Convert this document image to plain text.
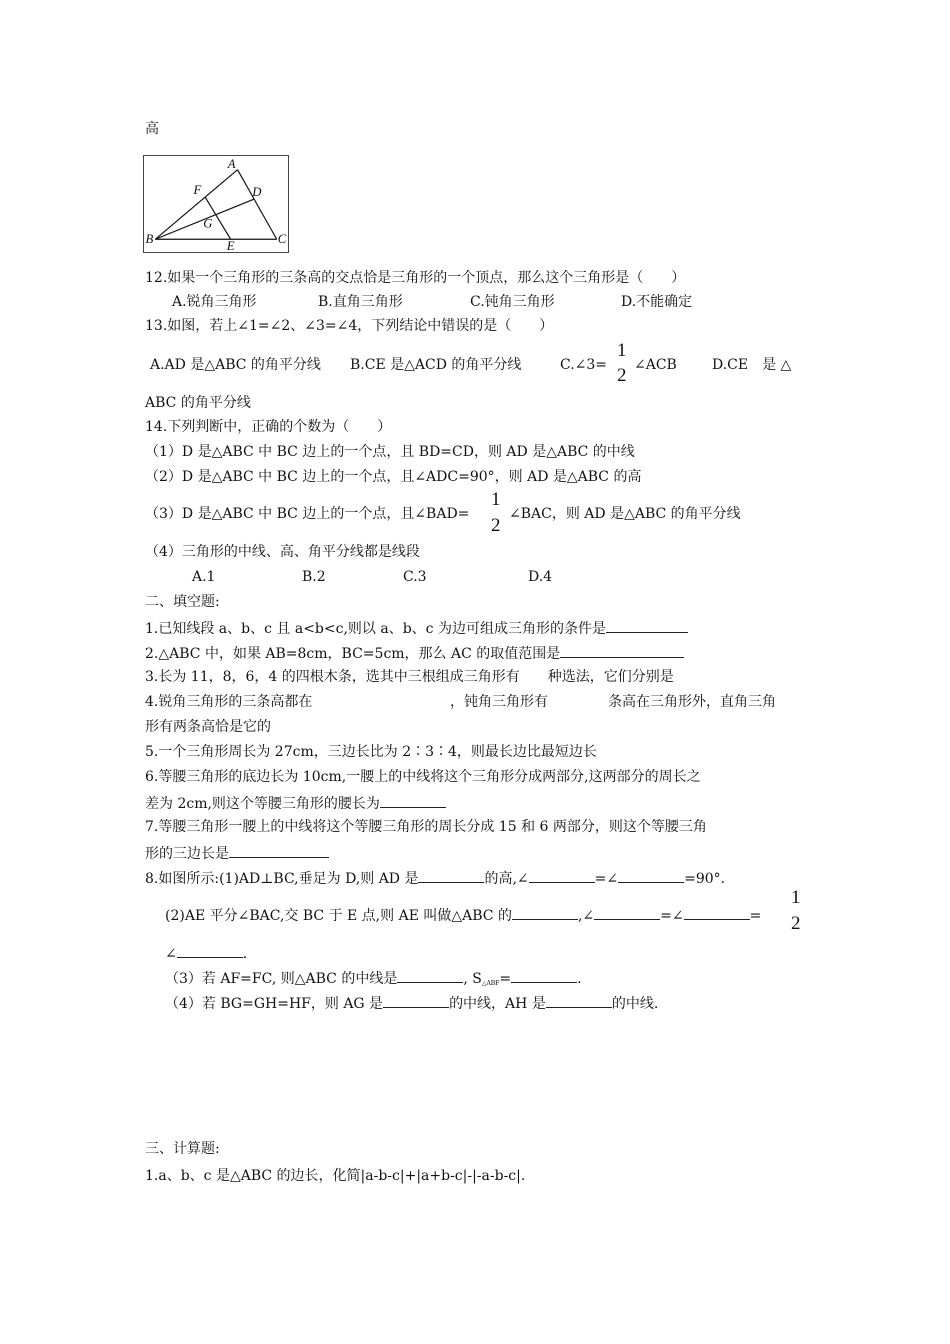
高
A
B	C
D
E
F
G
12.如果一个三角形的三条高的交点恰是三角形的一个顶点，那么这个三角形是（　　）
A.锐角三角形	B.直角三角形	C.钝角三角形	D.不能确定
13.如图，若上∠1=∠2、∠3=∠4，下列结论中错误的是（　　）
A.AD 是△ABC 的角平分线 B.CE 是△ACD 的角平分线	C.∠3=
1
2 ∠ACB	D.CE　是 △
ABC 的角平分线
14.下列判断中，正确的个数为（　　）
（1）D 是△ABC 中 BC 边上的一个点，且 BD=CD，则 AD 是△ABC 的中线
（2）D 是△ABC 中 BC 边上的一个点，且∠ADC=90°，则 AD 是△ABC 的高
（3）D 是△ABC 中 BC 边上的一个点，且∠BAD=
1
2
∠BAC，则 AD 是△ABC 的角平分线
（4）三角形的中线、高、角平分线都是线段
A.1	B.2	C.3	D.4
二、填空题:
1.已知线段 a、b、c 且 a<b<c,则以 a、b、c 为边可组成三角形的条件是
2.△ABC 中，如果 AB=8cm，BC=5cm，那么 AC 的取值范围是
3.长为 11，8，6，4 的四根木条，选其中三根组成三角形有　　种选法，它们分别是
4.锐角三角形的三条高都在	，钝角三角形有	条高在三角形外，直角三角
形有两条高恰是它的
5.一个三角形周长为 27cm，三边长比为 2∶3∶4，则最长边比最短边长
6.等腰三角形的底边长为 10cm,一腰上的中线将这个三角形分成两部分,这两部分的周长之
差为 2cm,则这个等腰三角形的腰长为
7.等腰三角形一腰上的中线将这个等腰三角形的周长分成 15 和 6 两部分，则这个等腰三角
形的三边长是
8.如图所示:(1)AD⊥BC,垂足为 D,则 AD 是	的高,∠	=∠	=90°.
(2)AE 平分∠BAC,交 BC 于 E 点,则 AE 叫做△ABC 的	,∠	=∠	=
1
2
∠	.
（3）若 AF=FC, 则△ABC 的中线是	, $S_{\triangle ABF}=$	.
（4）若 BG=GH=HF，则 AG 是	的中线，AH 是	的中线.
三、计算题:
1.a、b、c 是△ABC 的边长，化简|a-b-c|+|a+b-c|-|-a-b-c|.
